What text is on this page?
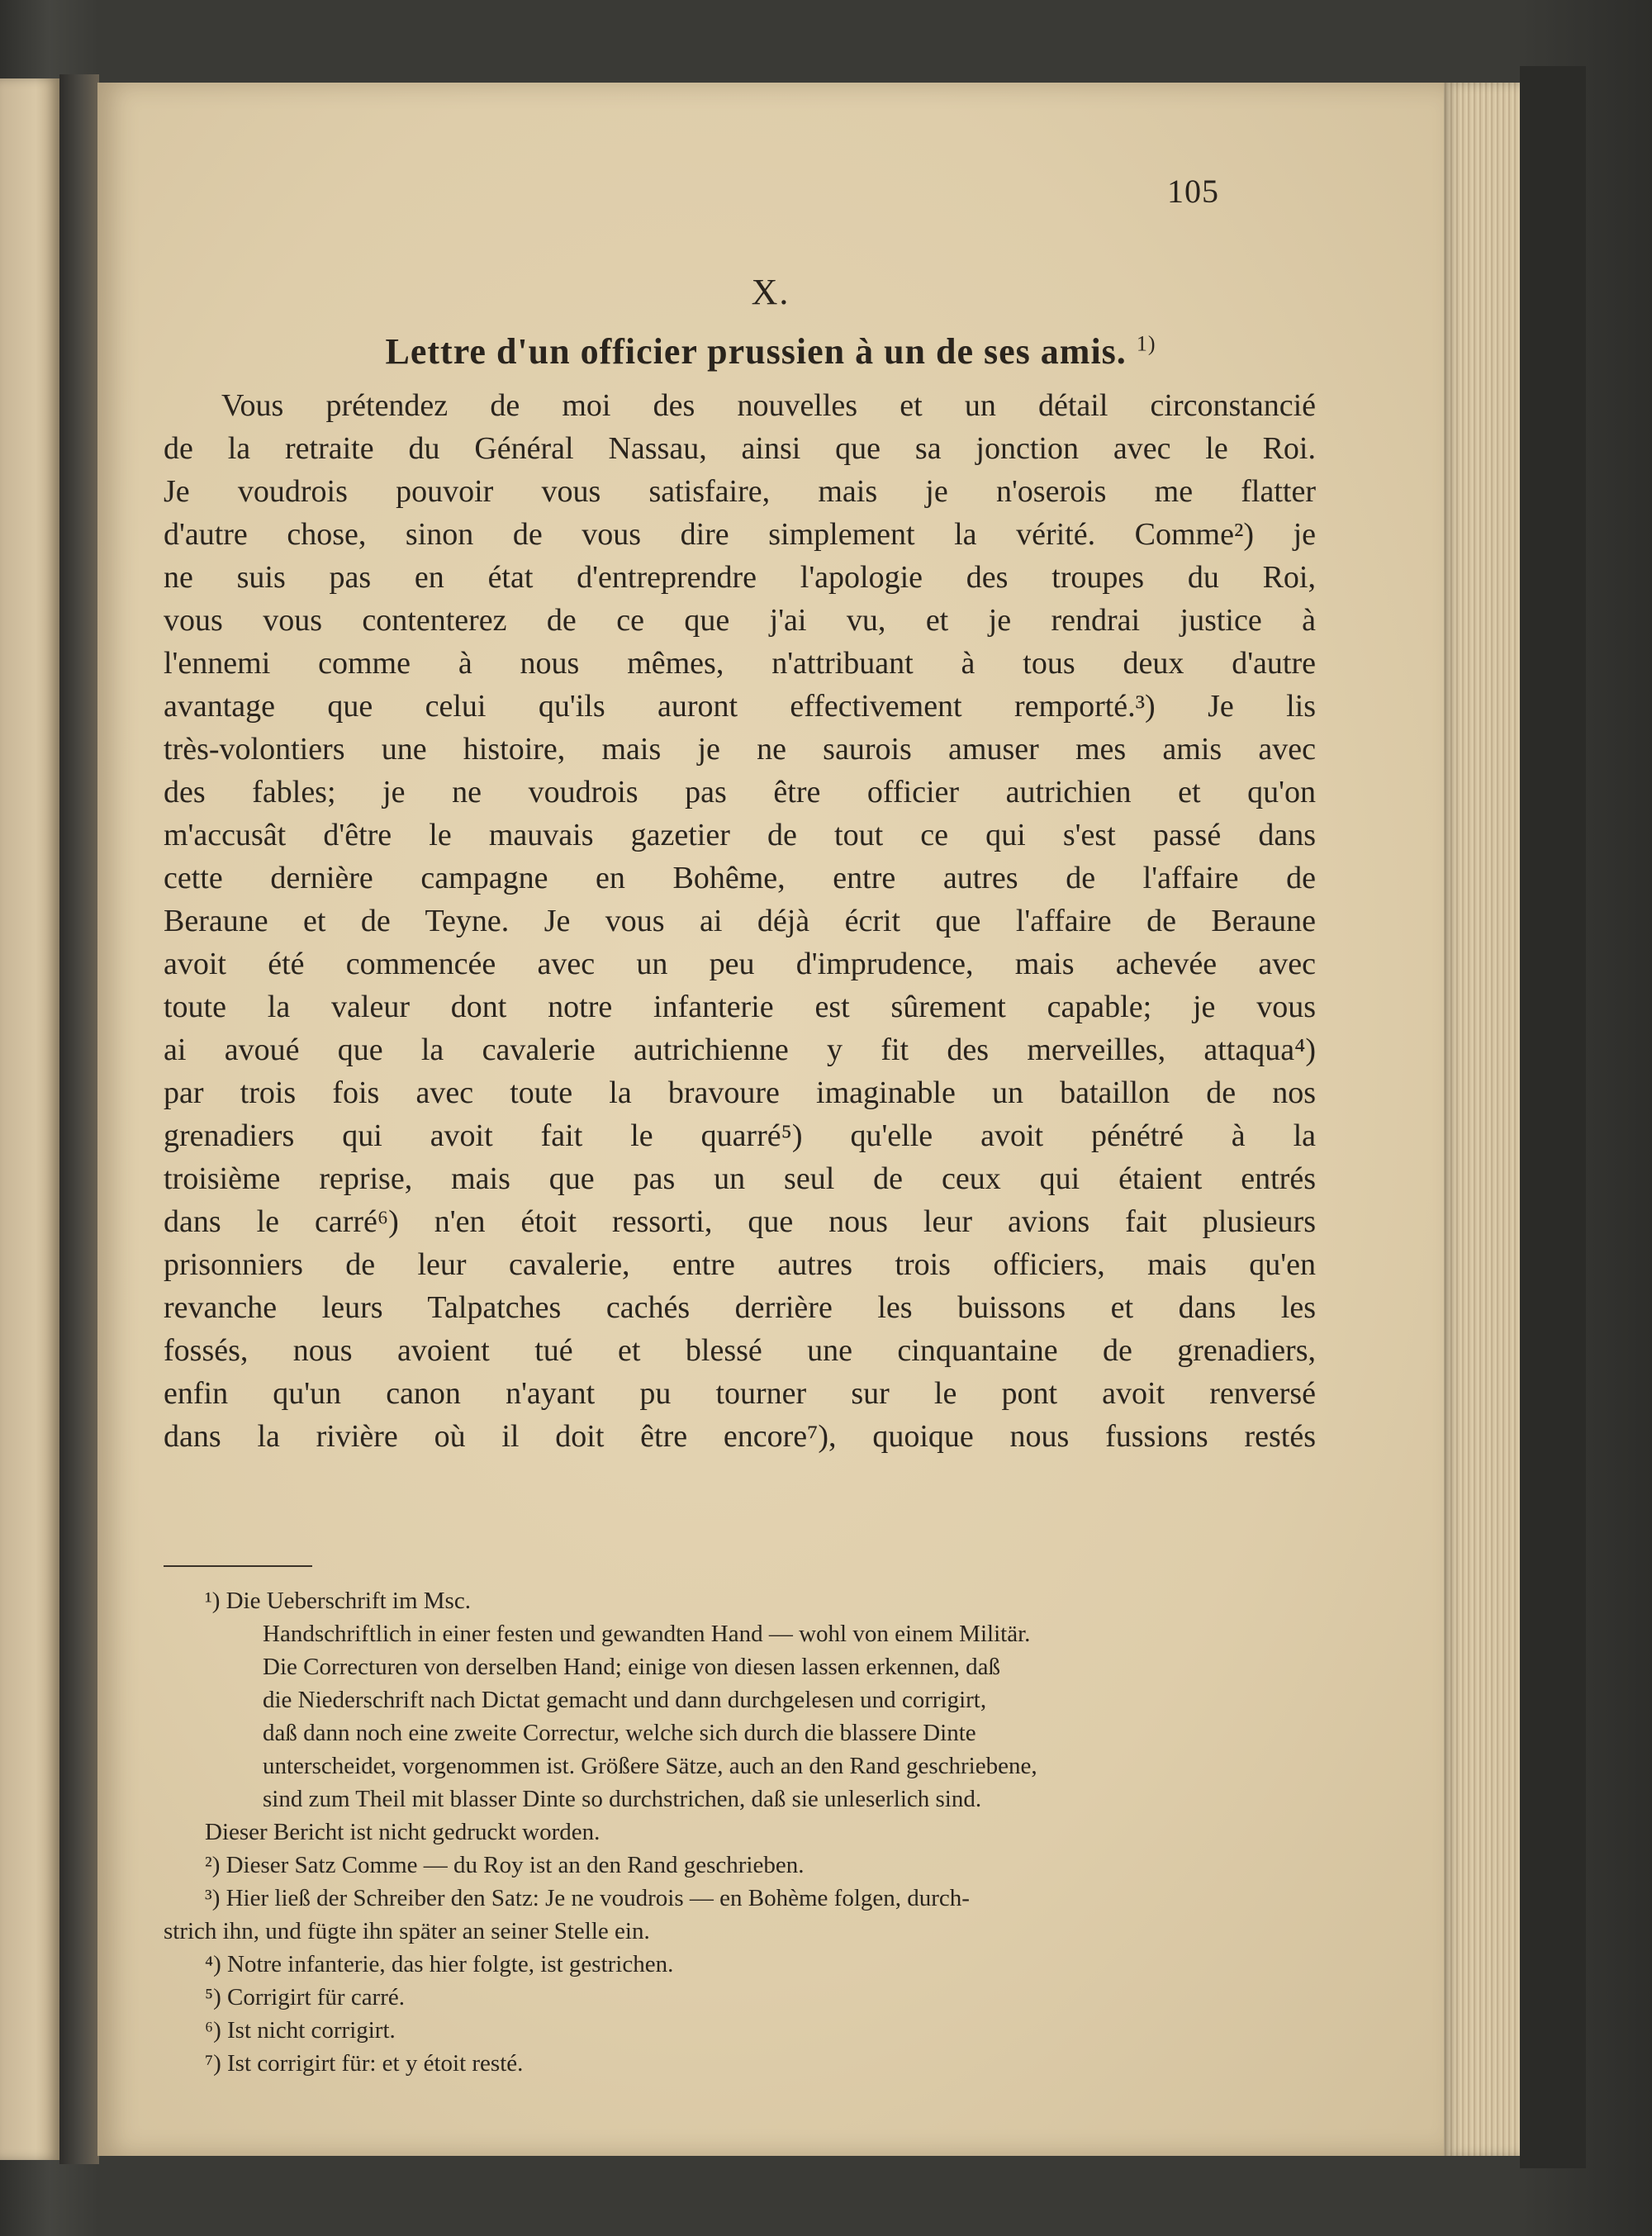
105
X.
Lettre d'un officier prussien à un de ses amis. $^{1)}$
Vous prétendez de moi des nouvelles et un détail circonstancié
de la retraite du Général Nassau, ainsi que sa jonction avec le Roi.
Je voudrois pouvoir vous satisfaire, mais je n'oserois me flatter
d'autre chose, sinon de vous dire simplement la vérité. Comme²) je
ne suis pas en état d'entreprendre l'apologie des troupes du Roi,
vous vous contenterez de ce que j'ai vu, et je rendrai justice à
l'ennemi comme à nous mêmes, n'attribuant à tous deux d'autre
avantage que celui qu'ils auront effectivement remporté.³) Je lis
très-volontiers une histoire, mais je ne saurois amuser mes amis avec
des fables; je ne voudrois pas être officier autrichien et qu'on
m'accusât d'être le mauvais gazetier de tout ce qui s'est passé dans
cette dernière campagne en Bohême, entre autres de l'affaire de
Beraune et de Teyne. Je vous ai déjà écrit que l'affaire de Beraune
avoit été commencée avec un peu d'imprudence, mais achevée avec
toute la valeur dont notre infanterie est sûrement capable; je vous
ai avoué que la cavalerie autrichienne y fit des merveilles, attaqua⁴)
par trois fois avec toute la bravoure imaginable un bataillon de nos
grenadiers qui avoit fait le quarré⁵) qu'elle avoit pénétré à la
troisième reprise, mais que pas un seul de ceux qui étaient entrés
dans le carré⁶) n'en étoit ressorti, que nous leur avions fait plusieurs
prisonniers de leur cavalerie, entre autres trois officiers, mais qu'en
revanche leurs Talpatches cachés derrière les buissons et dans les
fossés, nous avoient tué et blessé une cinquantaine de grenadiers,
enfin qu'un canon n'ayant pu tourner sur le pont avoit renversé
dans la rivière où il doit être encore⁷), quoique nous fussions restés
¹) Die Ueberschrift im Msc.
Handschriftlich in einer festen und gewandten Hand — wohl von einem Militär.
Die Correcturen von derselben Hand; einige von diesen lassen erkennen, daß
die Niederschrift nach Dictat gemacht und dann durchgelesen und corrigirt,
daß dann noch eine zweite Correctur, welche sich durch die blassere Dinte
unterscheidet, vorgenommen ist. Größere Sätze, auch an den Rand geschriebene,
sind zum Theil mit blasser Dinte so durchstrichen, daß sie unleserlich sind.
Dieser Bericht ist nicht gedruckt worden.
²) Dieser Satz Comme — du Roy ist an den Rand geschrieben.
³) Hier ließ der Schreiber den Satz: Je ne voudrois — en Bohème folgen, durch-
strich ihn, und fügte ihn später an seiner Stelle ein.
⁴) Notre infanterie, das hier folgte, ist gestrichen.
⁵) Corrigirt für carré.
⁶) Ist nicht corrigirt.
⁷) Ist corrigirt für: et y étoit resté.
